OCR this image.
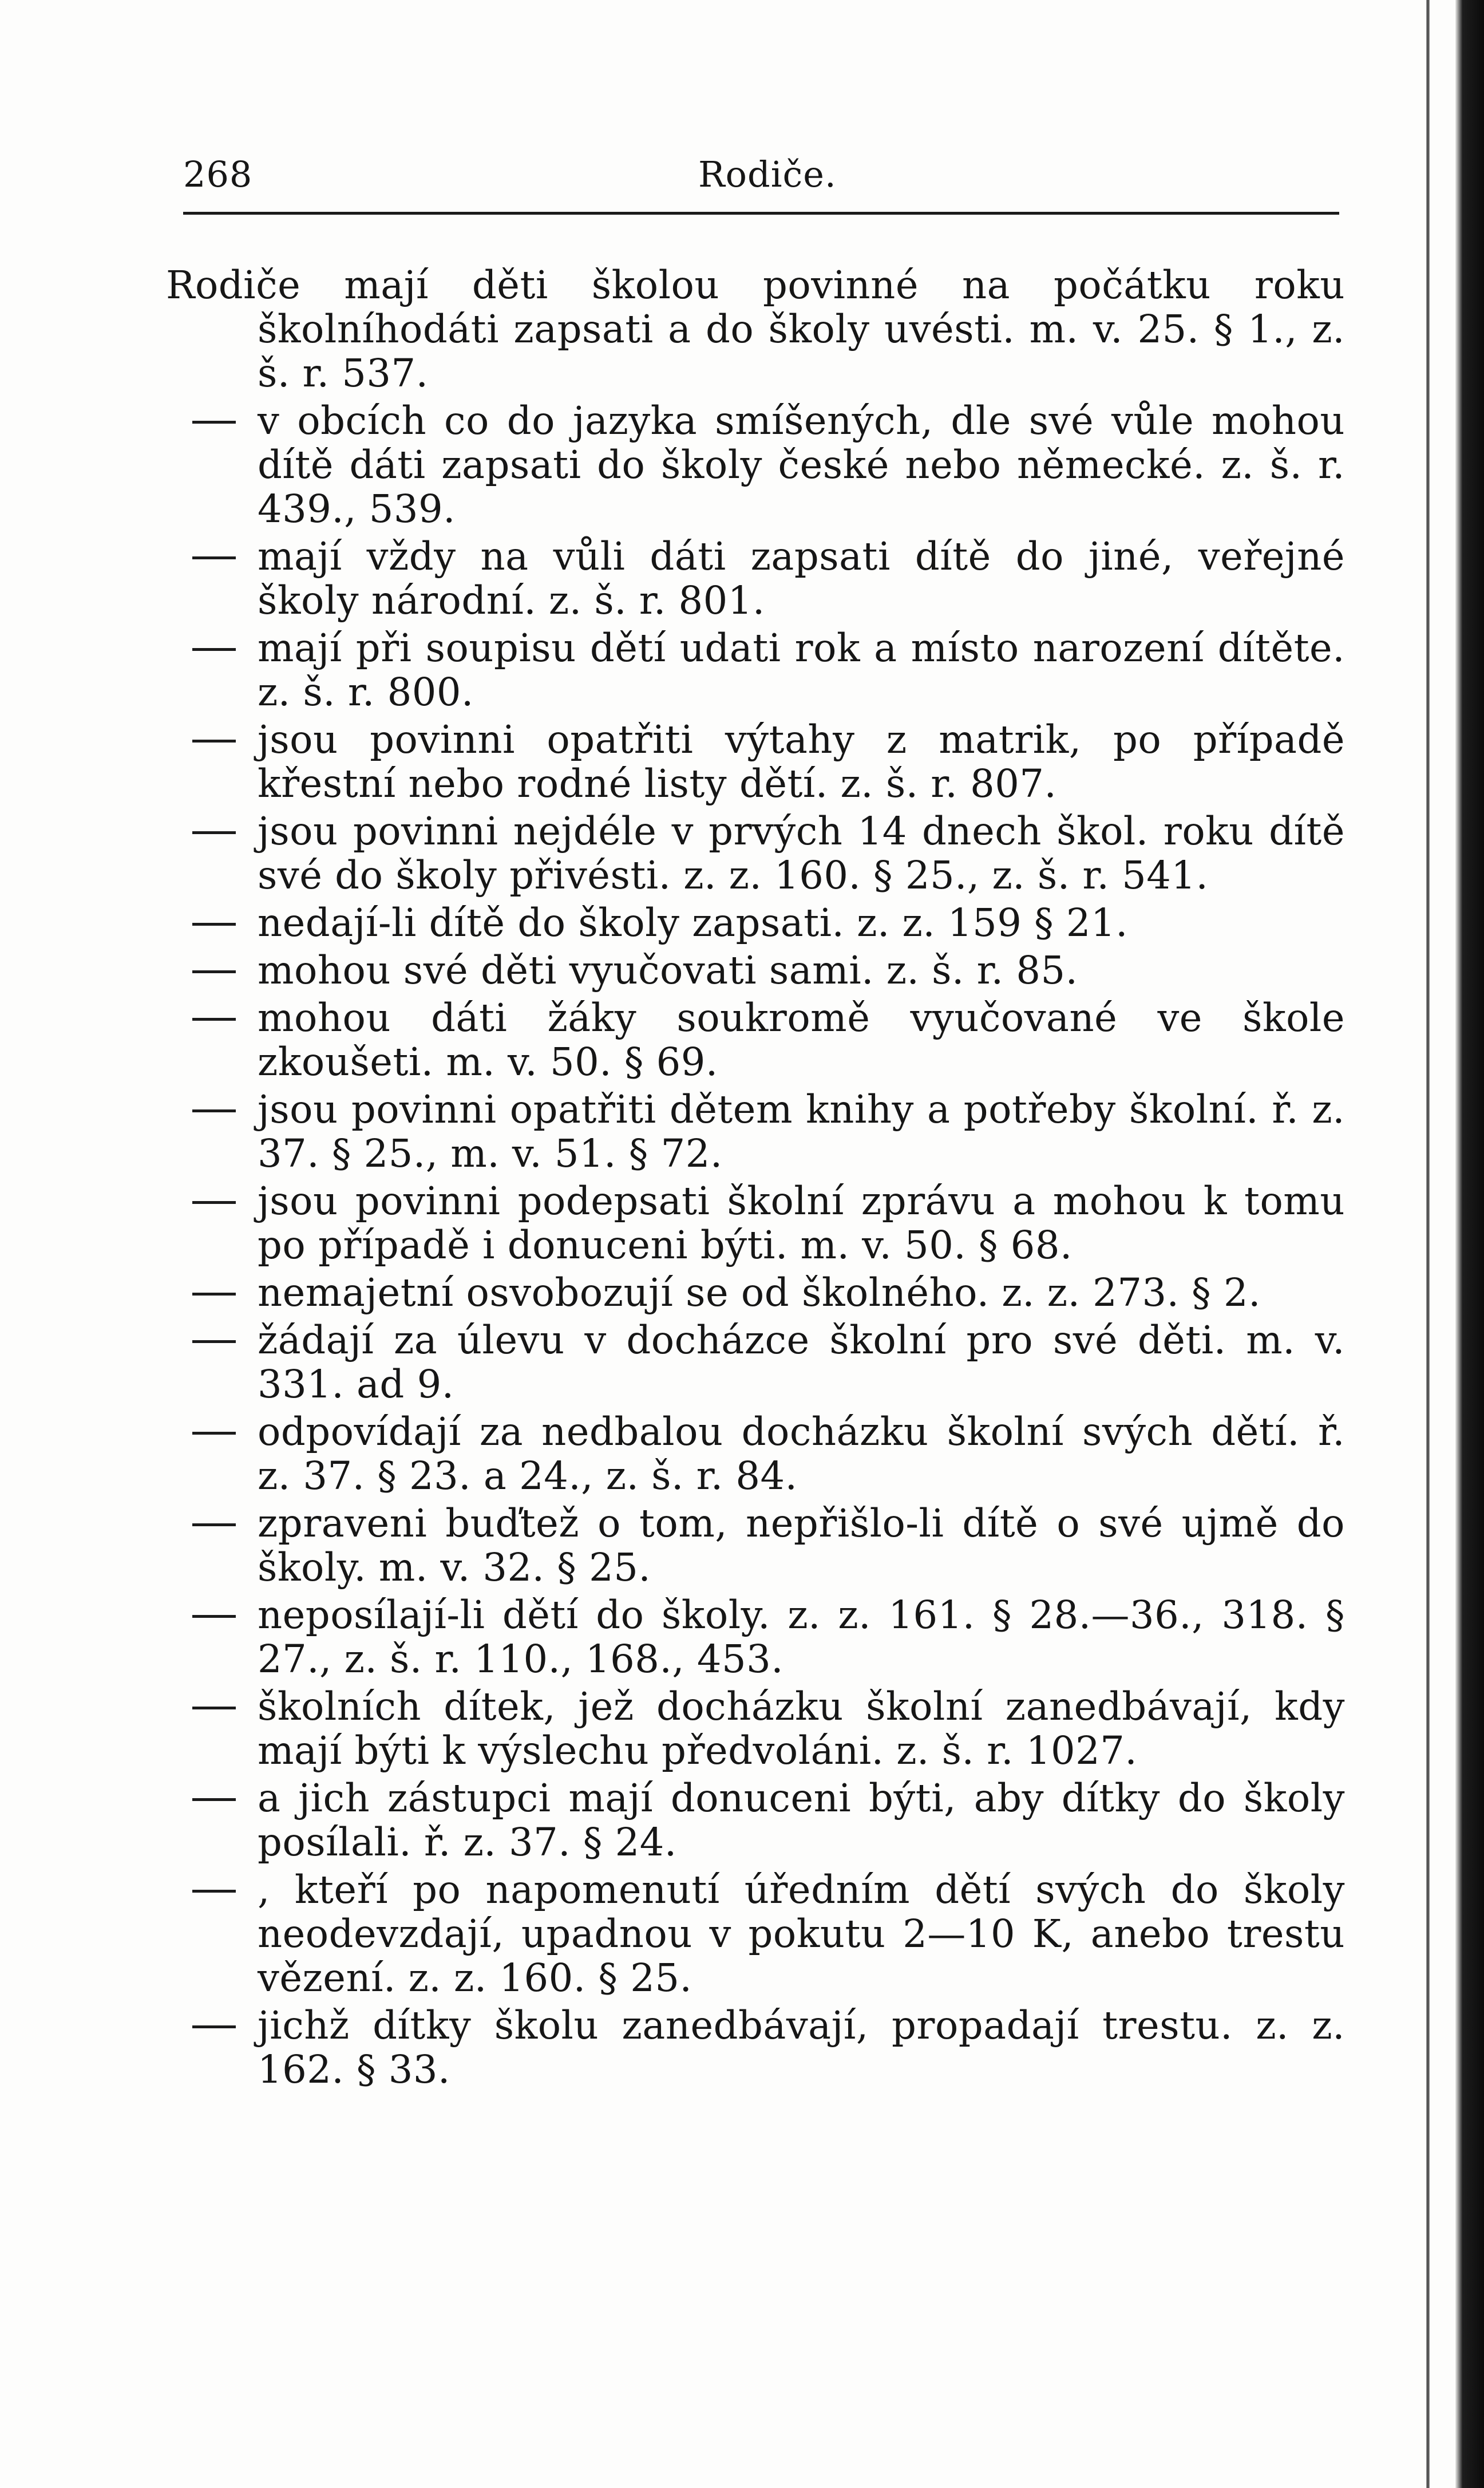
268	Rodiče.
Rodiče mají děti školou povinné na počátku roku školníhodáti zapsati a do školy uvésti. m. v. 25. § 1., z. š. r. 537.
v obcích co do jazyka smíšených, dle své vůle mohou dítě dáti zapsati do školy české nebo německé. z. š. r. 439., 539.
mají vždy na vůli dáti zapsati dítě do jiné, veřejné školy národní. z. š. r. 801.
mají při soupisu dětí udati rok a místo narození dítěte. z. š. r. 800.
jsou povinni opatřiti výtahy z matrik, po případě křestní nebo rodné listy dětí. z. š. r. 807.
jsou povinni nejdéle v prvých 14 dnech škol. roku dítě své do školy přivésti. z. z. 160. § 25., z. š. r. 541.
nedají-li dítě do školy zapsati. z. z. 159 § 21.
mohou své děti vyučovati sami. z. š. r. 85.
mohou dáti žáky soukromě vyučované ve škole zkoušeti. m. v. 50. § 69.
jsou povinni opatřiti dětem knihy a potřeby školní. ř. z. 37. § 25., m. v. 51. § 72.
jsou povinni podepsati školní zprávu a mohou k tomu po případě i donuceni býti. m. v. 50. § 68.
nemajetní osvobozují se od školného. z. z. 273. § 2.
žádají za úlevu v docházce školní pro své děti. m. v. 331. ad 9.
odpovídají za nedbalou docházku školní svých dětí. ř. z. 37. § 23. a 24., z. š. r. 84.
zpraveni buďtež o tom, nepřišlo-li dítě o své ujmě do školy. m. v. 32. § 25.
neposílají-li dětí do školy. z. z. 161. § 28.—36., 318. § 27., z. š. r. 110., 168., 453.
školních dítek, jež docházku školní zanedbávají, kdy mají býti k výslechu předvoláni. z. š. r. 1027.
a jich zástupci mají donuceni býti, aby dítky do školy posílali. ř. z. 37. § 24.
, kteří po napomenutí úředním dětí svých do školy neodevzdají, upadnou v pokutu 2—10 K, anebo trestu vězení. z. z. 160. § 25.
jichž dítky školu zanedbávají, propadají trestu. z. z. 162. § 33.
